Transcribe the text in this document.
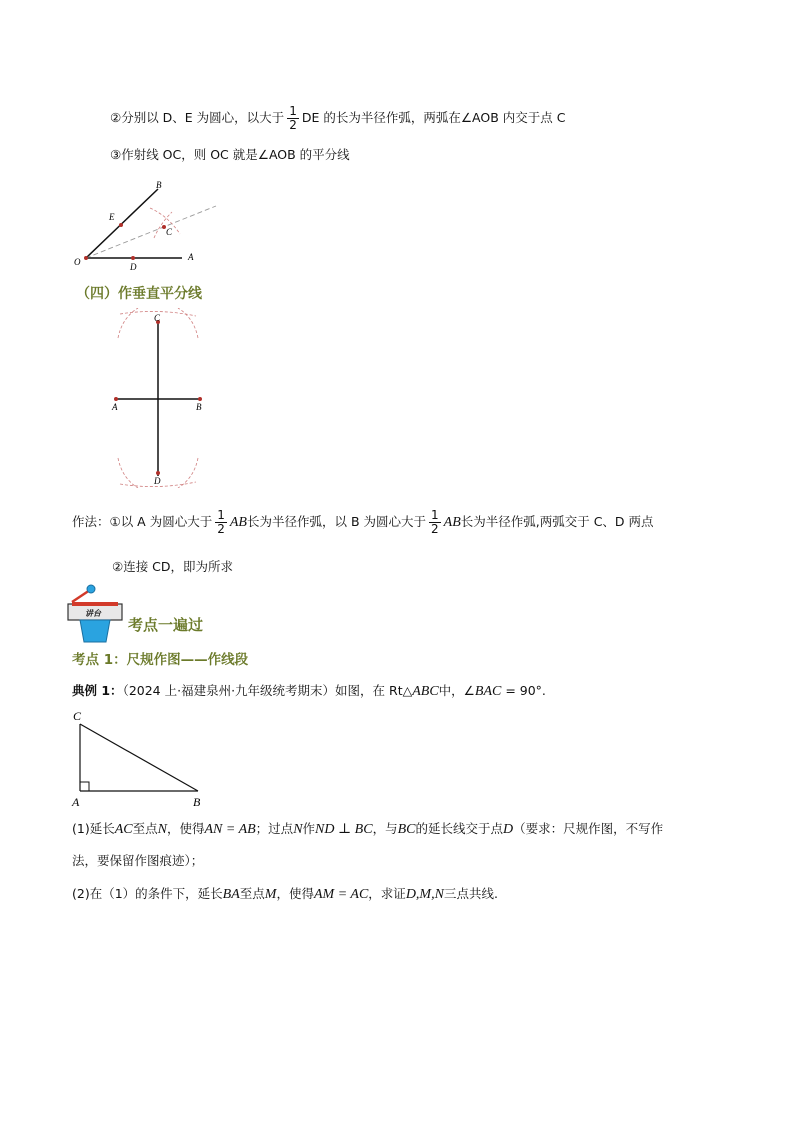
②分别以 D、E 为圆心，以大于 $\frac{1}{2}$ DE 的长为半径作弧，两弧在∠AOB 内交于点 C
③作射线 OC，则 OC 就是∠AOB 的平分线
O	A
B
E
D
C
（四）作垂直平分线
C
D
A	B
作法：①以 A 为圆心大于 $\frac{1}{2}$ AB长为半径作弧，以 B 为圆心大于 $\frac{1}{2}$ AB长为半径作弧,两弧交于 C、D 两点
②连接 CD，即为所求
讲台
考点一遍过
考点 1：尺规作图——作线段
典例 1：（2024 上·福建泉州·九年级统考期末）如图，在 Rt△ABC中，∠BAC = 90°.
C
A	B
(1)延长AC至点N，使得AN = AB；过点N作ND ⊥ BC，与BC的延长线交于点D（要求：尺规作图，不写作
法，要保留作图痕迹）；
(2)在（1）的条件下，延长BA至点M，使得AM = AC，求证D,M,N三点共线.
